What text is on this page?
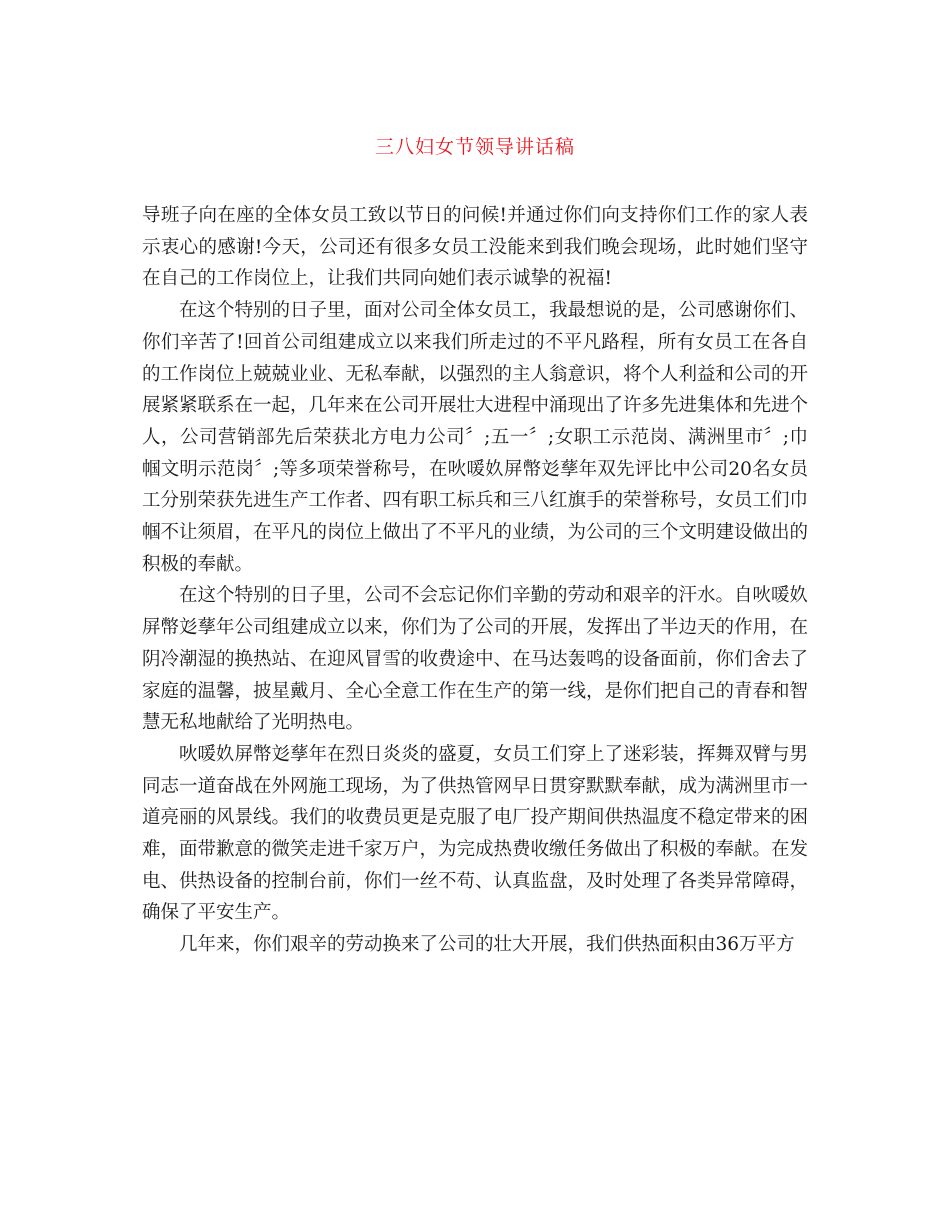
三八妇女节领导讲话稿

导班子向在座的全体女员工致以节日的问候!并通过你们向支持你们工作的家人表示衷心的感谢!今天，公司还有很多女员工没能来到我们晚会现场，此时她们坚守在自己的工作岗位上，让我们共同向她们表示诚挚的祝福!

在这个特别的日子里，面对公司全体女员工，我最想说的是，公司感谢你们、你们辛苦了!回首公司组建成立以来我们所走过的不平凡路程，所有女员工在各自的工作岗位上兢兢业业、无私奉献，以强烈的主人翁意识，将个人利益和公司的开展紧紧联系在一起，几年来在公司开展壮大进程中涌现出了许多先进集体和先进个人，公司营销部先后荣获北方电力公司〞;五一〞;女职工示范岗、满洲里市〞;巾帼文明示范岗〞;等多项荣誉称号，在吙喛奺屏幣彣孶年双先评比中公司20名女员工分别荣获先进生产工作者、四有职工标兵和三八红旗手的荣誉称号，女员工们巾帼不让须眉，在平凡的岗位上做出了不平凡的业绩，为公司的三个文明建设做出的积极的奉献。

在这个特别的日子里，公司不会忘记你们辛勤的劳动和艰辛的汗水。自吙喛奺屏幣彣孶年公司组建成立以来，你们为了公司的开展，发挥出了半边天的作用，在阴冷潮湿的换热站、在迎风冒雪的收费途中、在马达轰鸣的设备面前，你们舍去了家庭的温馨，披星戴月、全心全意工作在生产的第一线，是你们把自己的青春和智慧无私地献给了光明热电。

吙喛奺屏幣彣孶年在烈日炎炎的盛夏，女员工们穿上了迷彩装，挥舞双臂与男同志一道奋战在外网施工现场，为了供热管网早日贯穿默默奉献，成为满洲里市一道亮丽的风景线。我们的收费员更是克服了电厂投产期间供热温度不稳定带来的困难，面带歉意的微笑走进千家万户，为完成热费收缴任务做出了积极的奉献。在发电、供热设备的控制台前，你们一丝不苟、认真监盘，及时处理了各类异常障碍，确保了平安生产。

几年来，你们艰辛的劳动换来了公司的壮大开展，我们供热面积由36万平方
